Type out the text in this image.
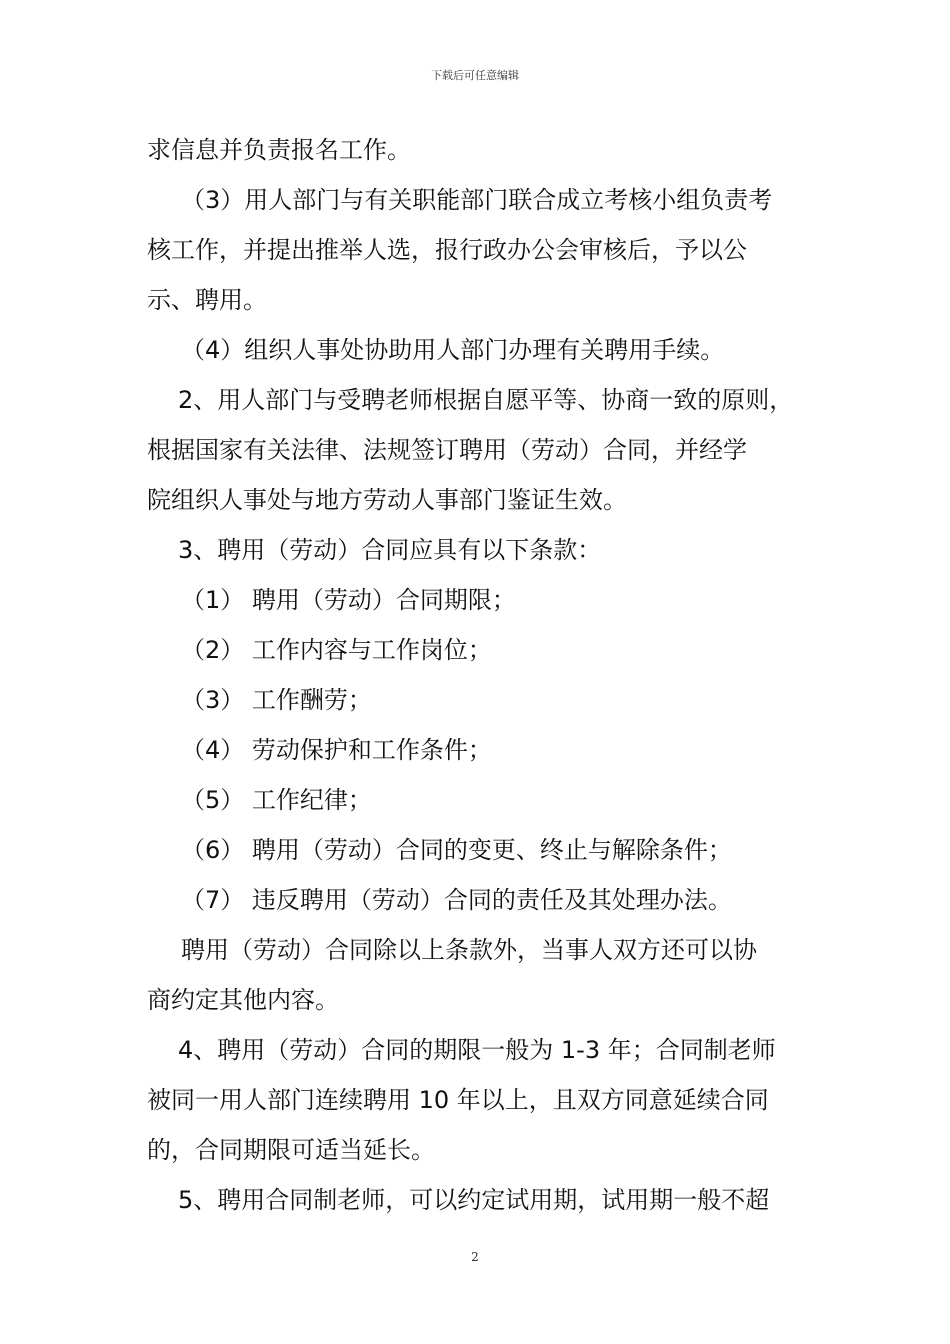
下载后可任意编辑
求信息并负责报名工作。
（3）用人部门与有关职能部门联合成立考核小组负责考
核工作，并提出推举人选，报行政办公会审核后，予以公
示、聘用。
（4）组织人事处协助用人部门办理有关聘用手续。
2、用人部门与受聘老师根据自愿平等、协商一致的原则，
根据国家有关法律、法规签订聘用（劳动）合同，并经学
院组织人事处与地方劳动人事部门鉴证生效。
3、聘用（劳动）合同应具有以下条款：
（1） 聘用（劳动）合同期限；
（2） 工作内容与工作岗位；
（3） 工作酬劳；
（4） 劳动保护和工作条件；
（5） 工作纪律；
（6） 聘用（劳动）合同的变更、终止与解除条件；
（7） 违反聘用（劳动）合同的责任及其处理办法。
聘用（劳动）合同除以上条款外，当事人双方还可以协
商约定其他内容。
4、聘用（劳动）合同的期限一般为 1-3 年；合同制老师
被同一用人部门连续聘用 10 年以上，且双方同意延续合同
的，合同期限可适当延长。
5、聘用合同制老师，可以约定试用期，试用期一般不超
2
